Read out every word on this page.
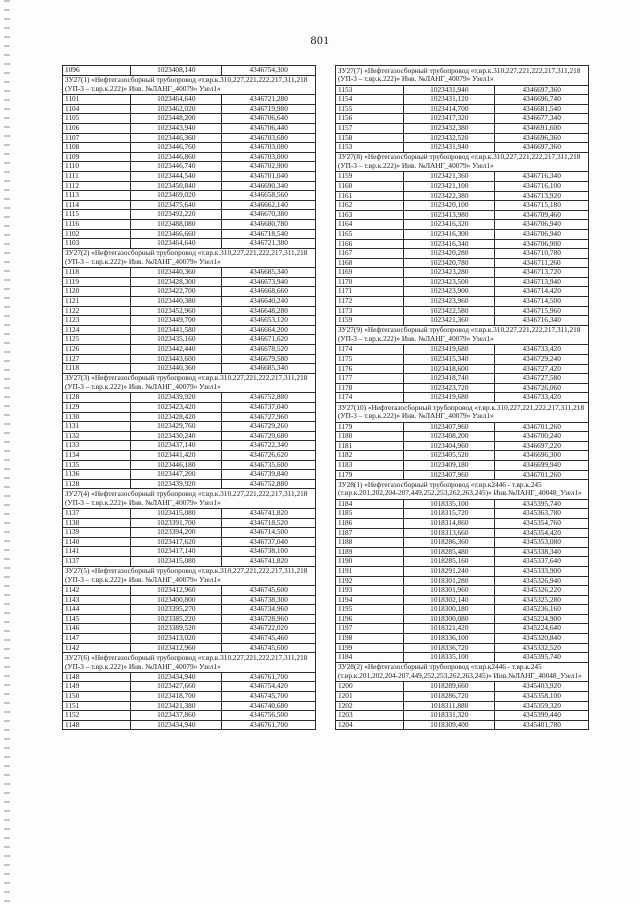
801
1096	1023408,140	4346754,300
ЗУ27(1) «Нефтегазосборный трубопровод «т.вр.к.310,227,221,222,217,311,218 (УП-3 – т.вр.к.222)» Инв. №ЛАНГ_40079» Узел1»		
1101	1023464,640	4346721,280
1104	1023462,020	4346719,980
1105	1023448,200	4346706,640
1106	1023443,940	4346706,440
1107	1023446,360	4346703,680
1108	1023446,760	4346703,080
1109	1023446,860	4346703,000
1110	1023446,740	4346702,900
1111	1023444,540	4346701,040
1112	1023450,840	4346690,340
1113	1023469,020	4346658,560
1114	1023475,640	4346662,140
1115	1023492,220	4346670,380
1116	1023488,080	4346680,780
1102	1023466,660	4346718,540
1103	1023464,640	4346721,380
ЗУ27(2) «Нефтегазосборный трубопровод «т.вр.к.310,227,221,222,217,311,218 (УП-3 – т.вр.к.222)» Инв. №ЛАНГ_40079» Узел1»		
1118	1023440,360	4346685,340
1119	1023428,300	4346673,940
1120	1023422,700	4346668,660
1121	1023440,380	4346640,240
1122	1023452,960	4346648,280
1123	1023449,700	4346653,120
1124	1023441,580	4346664,200
1125	1023435,160	4346671,620
1126	1023442,440	4346678,520
1127	1023443,600	4346679,580
1118	1023440,360	4346685,340
ЗУ27(3) «Нефтегазосборный трубопровод «т.вр.к.310,227,221,222,217,311,218 (УП-3 – т.вр.к.222)» Инв. №ЛАНГ_40079» Узел1»		
1128	1023439,920	4346752,880
1129	1023423,420	4346737,040
1130	1023428,420	4346727,960
1131	1023429,760	4346729,260
1132	1023430,240	4346729,680
1133	1023437,140	4346722,340
1134	1023441,420	4346726,620
1135	1023446,180	4346735,600
1136	1023447,200	4346739,840
1128	1023439,920	4346752,880
ЗУ27(4) «Нефтегазосборный трубопровод «т.вр.к.310,227,221,222,217,311,218 (УП-3 – т.вр.к.222)» Инв. №ЛАНГ_40079» Узел1»		
1137	1023415,080	4346741,820
1138	1023391,700	4346718,520
1139	1023394,200	4346714,500
1140	1023417,620	4346737,040
1141	1023417,140	4346738,100
1137	1023415,080	4346741,820
ЗУ27(5) «Нефтегазосборный трубопровод «т.вр.к.310,227,221,222,217,311,218 (УП-3 – т.вр.к.222)» Инв. №ЛАНГ_40079» Узел1»		
1142	1023412,960	4346745,600
1143	1023400,800	4346738,300
1144	1023395,270	4346734,960
1145	1023385,220	4346728,960
1146	1023389,520	4346722,020
1147	1023413,020	4346745,460
1142	1023412,960	4346745,600
ЗУ27(6) «Нефтегазосборный трубопровод «т.вр.к.310,227,221,222,217,311,218 (УП-3 – т.вр.к.222)» Инв. №ЛАНГ_40079» Узел1»		
1148	1023434,940	4346761,700
1149	1023427,660	4346754,420
1150	1023418,700	4346745,700
1151	1023421,380	4346740,680
1152	1023437,860	4346756,500
1148	1023434,940	4346761,700
ЗУ27(7) «Нефтегазосборный трубопровод «т.вр.к.310,227,221,222,217,311,218 (УП-3 – т.вр.к.222)» Инв. №ЛАНГ_40079» Узел1»		
1153	1023431,940	4346697,360
1154	1023431,120	4346696,740
1155	1023414,700	4346681,540
1156	1023417,320	4346677,340
1157	1023432,380	4346691,600
1158	1023432,520	4346696,360
1153	1023431,940	4346697,360
ЗУ27(8) «Нефтегазосборный трубопровод «т.вр.к.310,227,221,222,217,311,218 (УП-3 – т.вр.к.222)» Инв. №ЛАНГ_40079» Узел1»		
1159	1023421,360	4346716,340
1160	1023421,100	4346716,100
1161	1023422,380	4346713,920
1162	1023420,100	4346715,180
1163	1023413,980	4346709,460
1164	1023416,320	4346706,940
1165	1023416,300	4346706,940
1166	1023416,340	4346706,900
1167	1023420,280	4346710,780
1168	1023420,780	4346711,260
1169	1023423,280	4346713,720
1170	1023423,500	4346713,940
1171	1023423,900	4346714,420
1172	1023423,960	4346714,500
1173	1023422,580	4346715,960
1159	1023421,360	4346716,340
ЗУ27(9) «Нефтегазосборный трубопровод «т.вр.к.310,227,221,222,217,311,218 (УП-3 – т.вр.к.222)» Инв. №ЛАНГ_40079» Узел1»		
1174	1023419,680	4346733,420
1175	1023415,340	4346729,240
1176	1023418,600	4346727,420
1177	1023418,740	4346727,580
1178	1023423,720	4346726,060
1174	1023419,680	4346733,420
ЗУ27(10) «Нефтегазосборный трубопровод «т.вр.к.310,227,221,222,217,311,218 (УП-3 – т.вр.к.222)» Инв. №ЛАНГ_40079» Узел1»		
1179	1023407,960	4346701,260
1180	1023408,200	4346700,240
1181	1023404,960	4346697,220
1182	1023405,520	4346696,300
1183	1023409,180	4346699,940
1179	1023407,960	4346701,260
ЗУ28(1) «Нефтегазосборный трубопровод «т.вр.к2446 - т.вр.к.245 (т.вр.к.201,202,204-207,449,252,253,262,263,245)» Инв.№ЛАНГ_40048_Узел1»		
1184	1018335,100	4345395,740
1185	1018315,720	4345363,780
1186	1018314,860	4345354,760
1187	1018313,660	4345354,420
1188	1018286,360	4345353,080
1189	1018285,480	4345338,340
1190	1018285,160	4345337,640
1191	1018291,240	4345333,900
1192	1018301,280	4345326,940
1193	1018301,960	4345326,220
1194	1018302,140	4345325,280
1195	1018300,180	4345236,160
1196	1018300,080	4345224,900
1197	1018321,420	4345224,640
1198	1018336,100	4345320,840
1199	1018336,720	4345332,520
1184	1018335,100	4345395,740
ЗУ28(2) «Нефтегазосборный трубопровод «т.вр.к2446 - т.вр.к.245 (т.вр.к.201,202,204-207,449,252,253,262,263,245)» Инв.№ЛАНГ_40048_Узел1»		
1200	1018289,660	4345403,920
1201	1018286,720	4345358,100
1202	1018311,880	4345359,320
1203	1018331,320	4345399,440
1204	1018309,400	4345401,780
